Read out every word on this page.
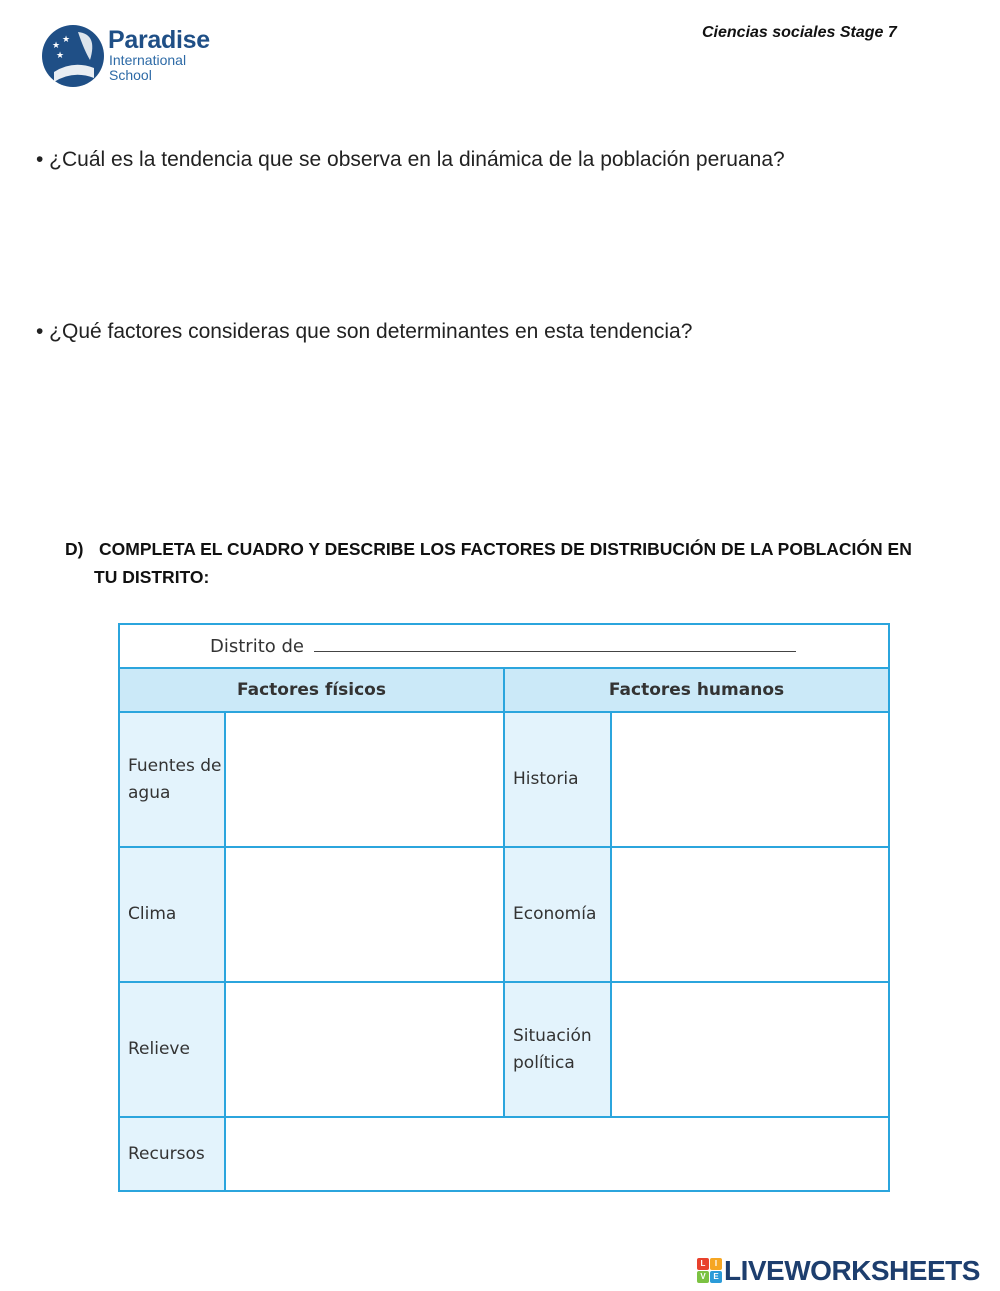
★
★
★
Paradise
International
School
Ciencias sociales Stage 7
• ¿Cuál es la tendencia que se observa en la dinámica de la población peruana?
• ¿Qué factores consideras que son determinantes en esta tendencia?
D) COMPLETA EL CUADRO Y DESCRIBE LOS FACTORES DE DISTRIBUCIÓN DE LA POBLACIÓN EN
TU DISTRITO:
Distrito de			

Factores físicos		Factores humanos	
Fuentes de agua		Historia	
Clima		Economía	
Relieve		Situación política	
Recursos			
L	I
V E LIVEWORKSHEETS
